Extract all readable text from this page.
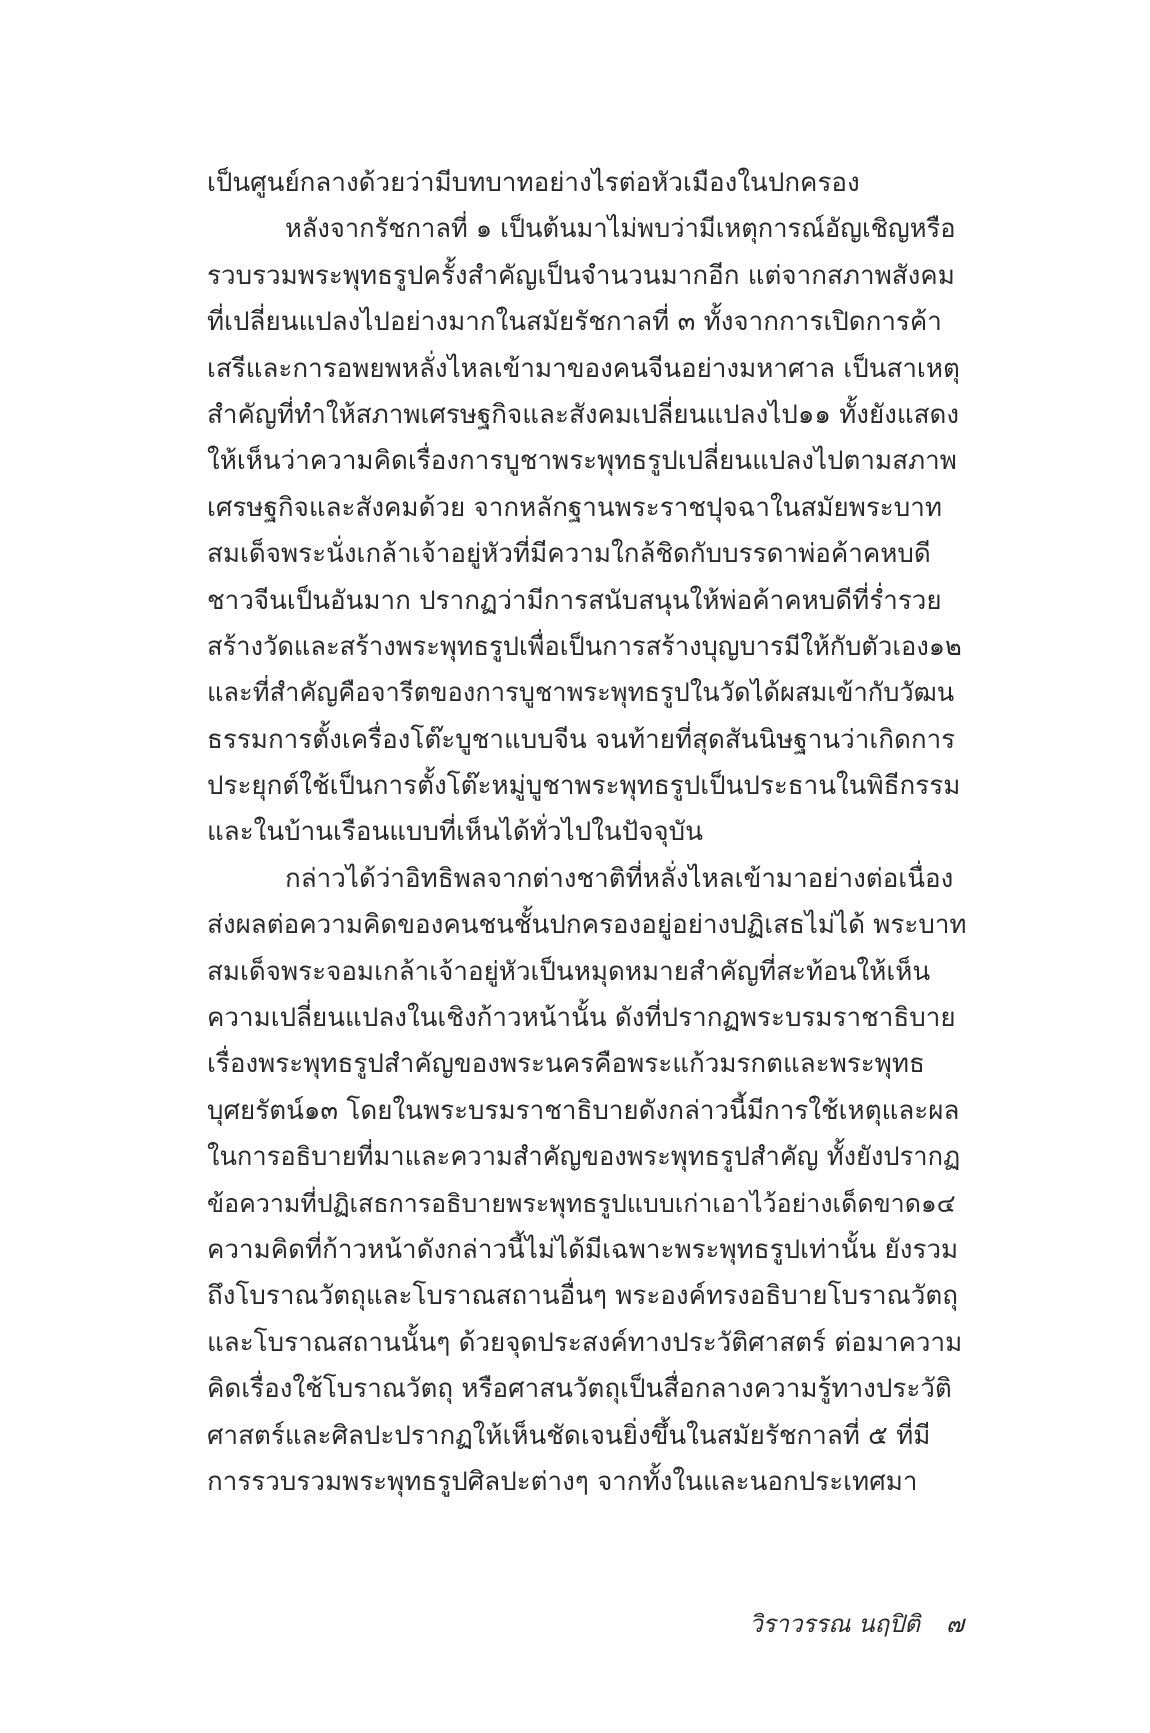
เป็นศูนย์กลางด้วยว่ามีบทบาทอย่างไรต่อหัวเมืองในปกครอง
หลังจากรัชกาลที่ ๑ เป็นต้นมาไม่พบว่ามีเหตุการณ์อัญเชิญหรือ
รวบรวมพระพุทธรูปครั้งสำคัญเป็นจำนวนมากอีก แต่จากสภาพสังคม
ที่เปลี่ยนแปลงไปอย่างมากในสมัยรัชกาลที่ ๓ ทั้งจากการเปิดการค้า
เสรีและการอพยพหลั่งไหลเข้ามาของคนจีนอย่างมหาศาล เป็นสาเหตุ
สำคัญที่ทำให้สภาพเศรษฐกิจและสังคมเปลี่ยนแปลงไป๑๑ ทั้งยังแสดง
ให้เห็นว่าความคิดเรื่องการบูชาพระพุทธรูปเปลี่ยนแปลงไปตามสภาพ
เศรษฐกิจและสังคมด้วย จากหลักฐานพระราชปุจฉาในสมัยพระบาท
สมเด็จพระนั่งเกล้าเจ้าอยู่หัวที่มีความใกล้ชิดกับบรรดาพ่อค้าคหบดี
ชาวจีนเป็นอันมาก ปรากฏว่ามีการสนับสนุนให้พ่อค้าคหบดีที่ร่ำรวย
สร้างวัดและสร้างพระพุทธรูปเพื่อเป็นการสร้างบุญบารมีให้กับตัวเอง๑๒
และที่สำคัญคือจารีตของการบูชาพระพุทธรูปในวัดได้ผสมเข้ากับวัฒน
ธรรมการตั้งเครื่องโต๊ะบูชาแบบจีน จนท้ายที่สุดสันนิษฐานว่าเกิดการ
ประยุกต์ใช้เป็นการตั้งโต๊ะหมู่บูชาพระพุทธรูปเป็นประธานในพิธีกรรม
และในบ้านเรือนแบบที่เห็นได้ทั่วไปในปัจจุบัน
กล่าวได้ว่าอิทธิพลจากต่างชาติที่หลั่งไหลเข้ามาอย่างต่อเนื่อง
ส่งผลต่อความคิดของคนชนชั้นปกครองอยู่อย่างปฏิเสธไม่ได้ พระบาท
สมเด็จพระจอมเกล้าเจ้าอยู่หัวเป็นหมุดหมายสำคัญที่สะท้อนให้เห็น
ความเปลี่ยนแปลงในเชิงก้าวหน้านั้น ดังที่ปรากฏพระบรมราชาธิบาย
เรื่องพระพุทธรูปสำคัญของพระนครคือพระแก้วมรกตและพระพุทธ
บุศยรัตน์๑๓ โดยในพระบรมราชาธิบายดังกล่าวนี้มีการใช้เหตุและผล
ในการอธิบายที่มาและความสำคัญของพระพุทธรูปสำคัญ ทั้งยังปรากฏ
ข้อความที่ปฏิเสธการอธิบายพระพุทธรูปแบบเก่าเอาไว้อย่างเด็ดขาด๑๔
ความคิดที่ก้าวหน้าดังกล่าวนี้ไม่ได้มีเฉพาะพระพุทธรูปเท่านั้น ยังรวม
ถึงโบราณวัตถุและโบราณสถานอื่นๆ พระองค์ทรงอธิบายโบราณวัตถุ
และโบราณสถานนั้นๆ ด้วยจุดประสงค์ทางประวัติศาสตร์ ต่อมาความ
คิดเรื่องใช้โบราณวัตถุ หรือศาสนวัตถุเป็นสื่อกลางความรู้ทางประวัติ
ศาสตร์และศิลปะปรากฏให้เห็นชัดเจนยิ่งขึ้นในสมัยรัชกาลที่ ๕ ที่มี
การรวบรวมพระพุทธรูปศิลปะต่างๆ จากทั้งในและนอกประเทศมา
วิราวรรณ นฤปิติ ๗
